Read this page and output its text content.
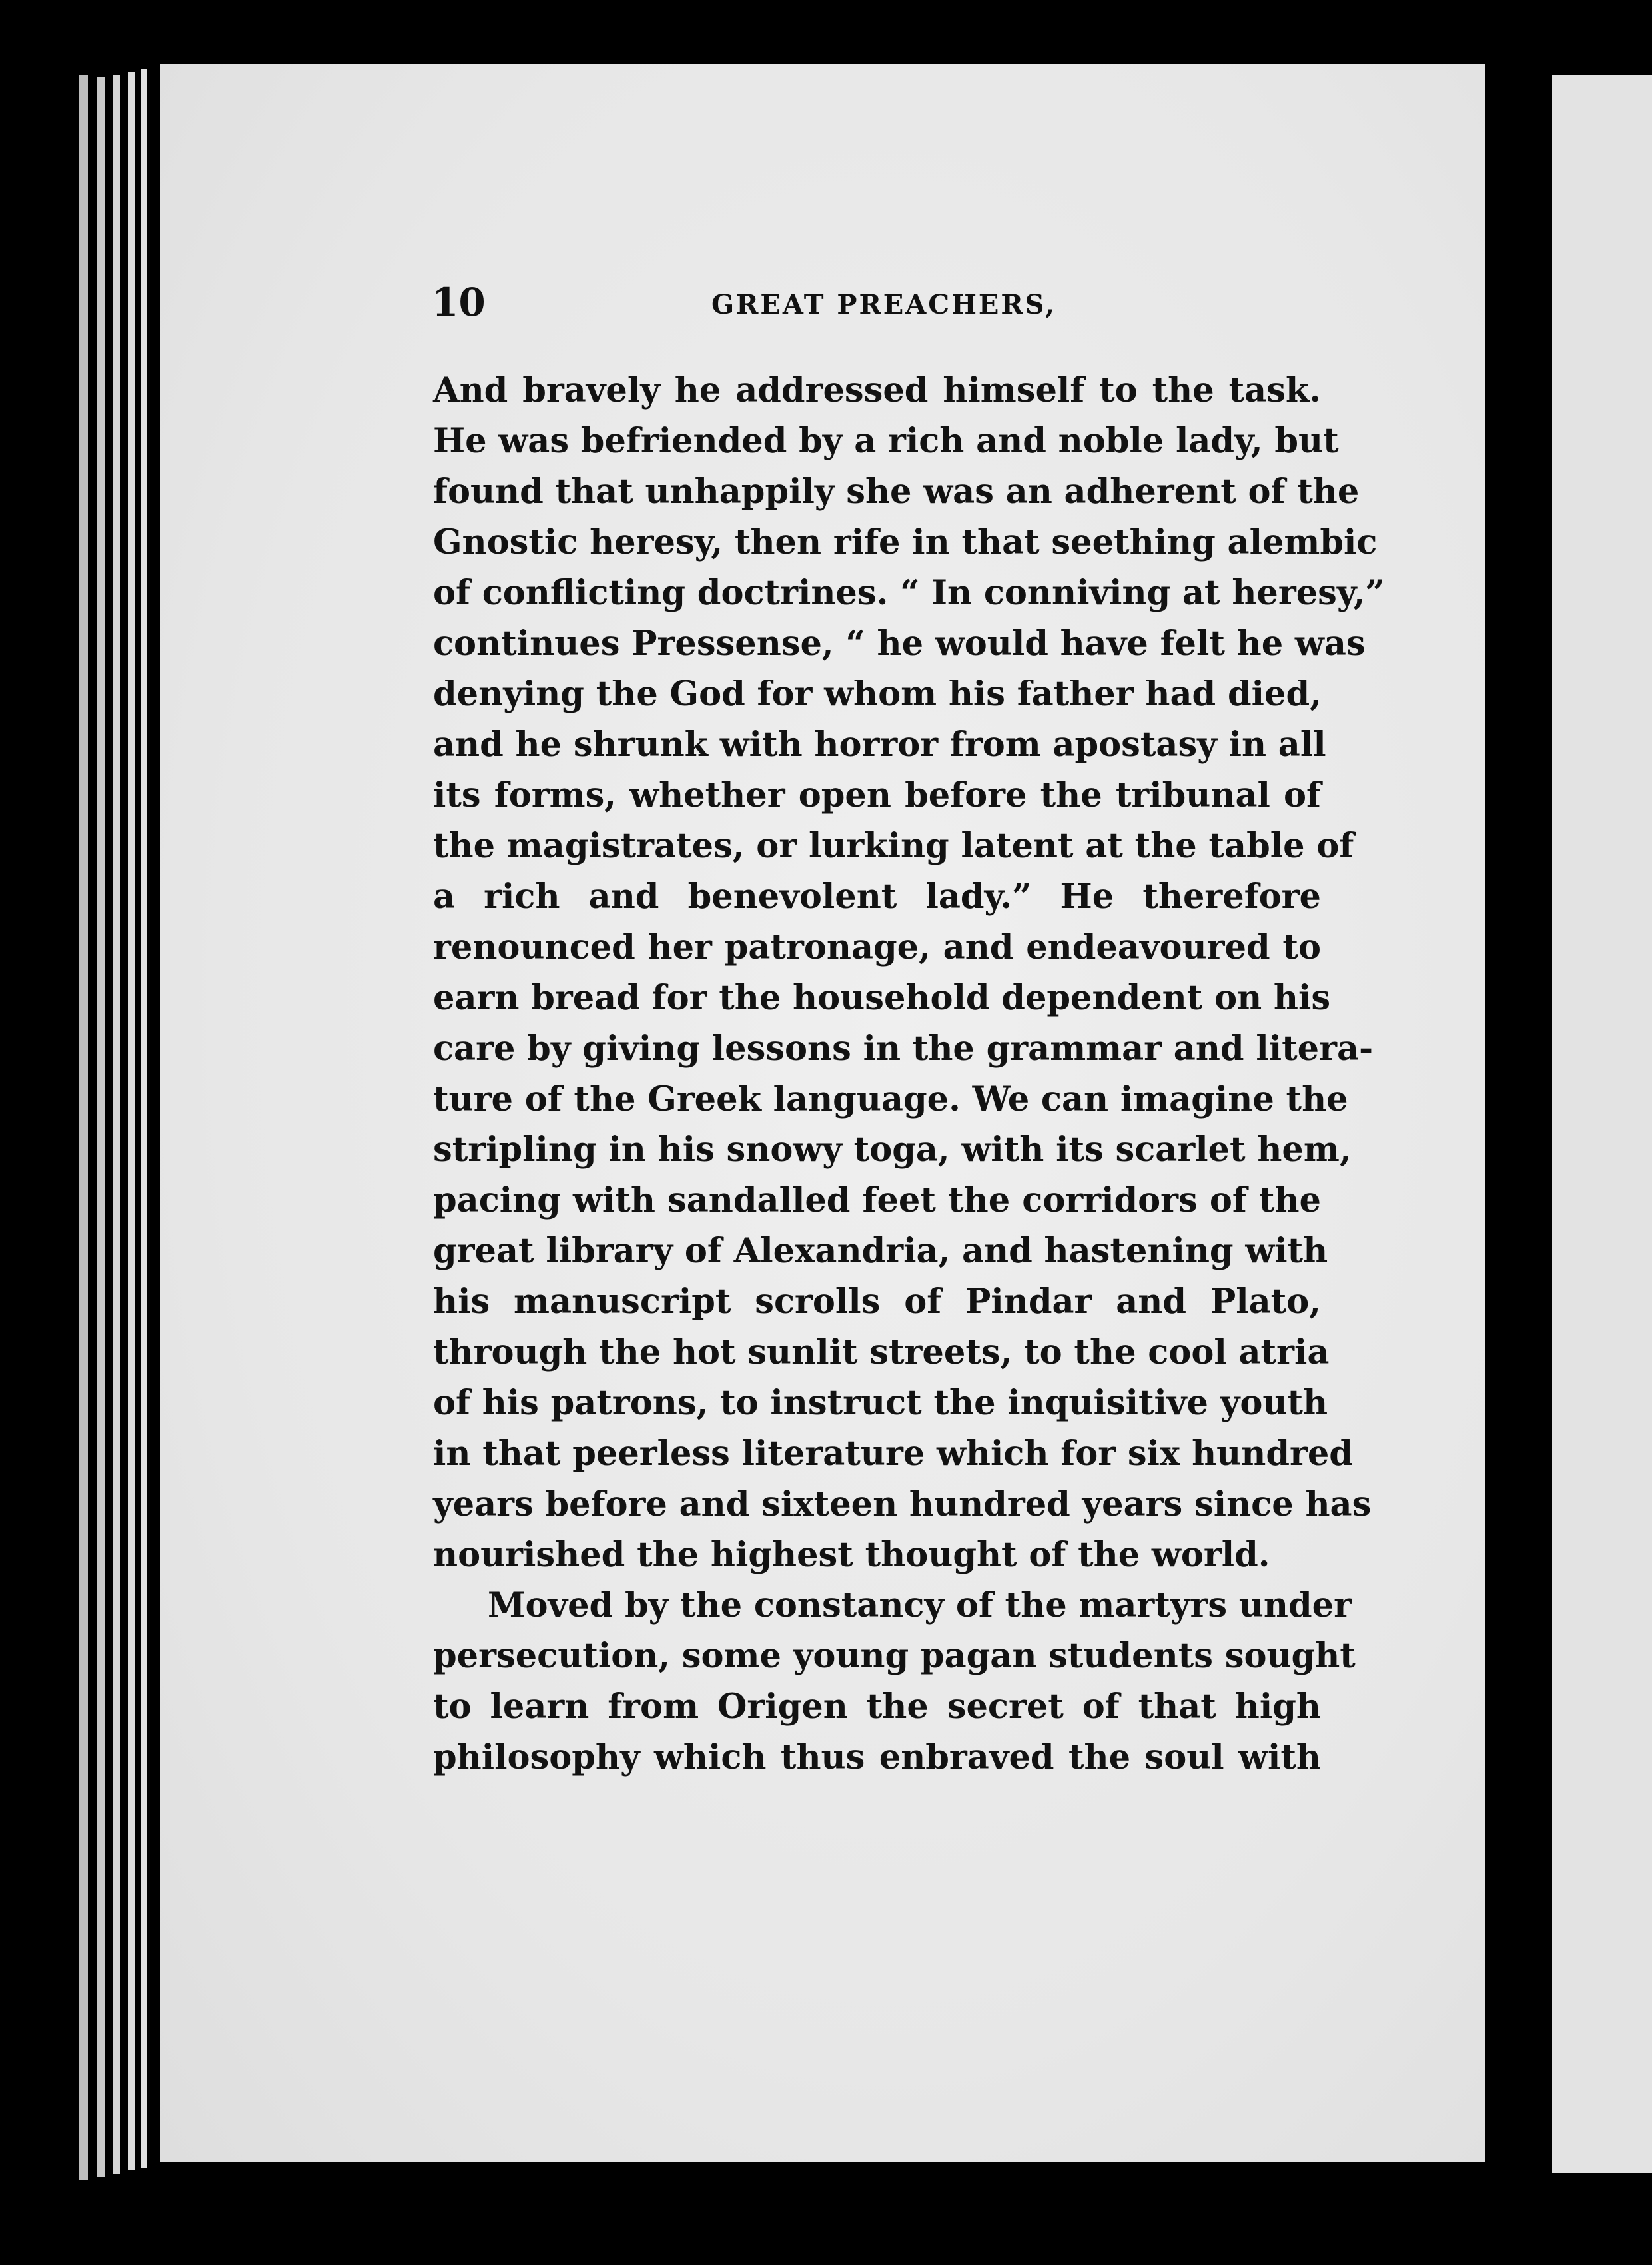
10	GREAT PREACHERS,
And bravely he addressed himself to the task.
He was befriended by a rich and noble lady, but
found that unhappily she was an adherent of the
Gnostic heresy, then rife in that seething alembic
of conflicting doctrines. “ In conniving at heresy,”
continues Pressense, “ he would have felt he was
denying the God for whom his father had died,
and he shrunk with horror from apostasy in all
its forms, whether open before the tribunal of
the magistrates, or lurking latent at the table of
a rich and benevolent lady.” He therefore
renounced her patronage, and endeavoured to
earn bread for the household dependent on his
care by giving lessons in the grammar and litera-
ture of the Greek language. We can imagine the
stripling in his snowy toga, with its scarlet hem,
pacing with sandalled feet the corridors of the
great library of Alexandria, and hastening with
his manuscript scrolls of Pindar and Plato,
through the hot sunlit streets, to the cool atria
of his patrons, to instruct the inquisitive youth
in that peerless literature which for six hundred
years before and sixteen hundred years since has
nourished the highest thought of the world.
Moved by the constancy of the martyrs under
persecution, some young pagan students sought
to learn from Origen the secret of that high
philosophy which thus enbraved the soul with
